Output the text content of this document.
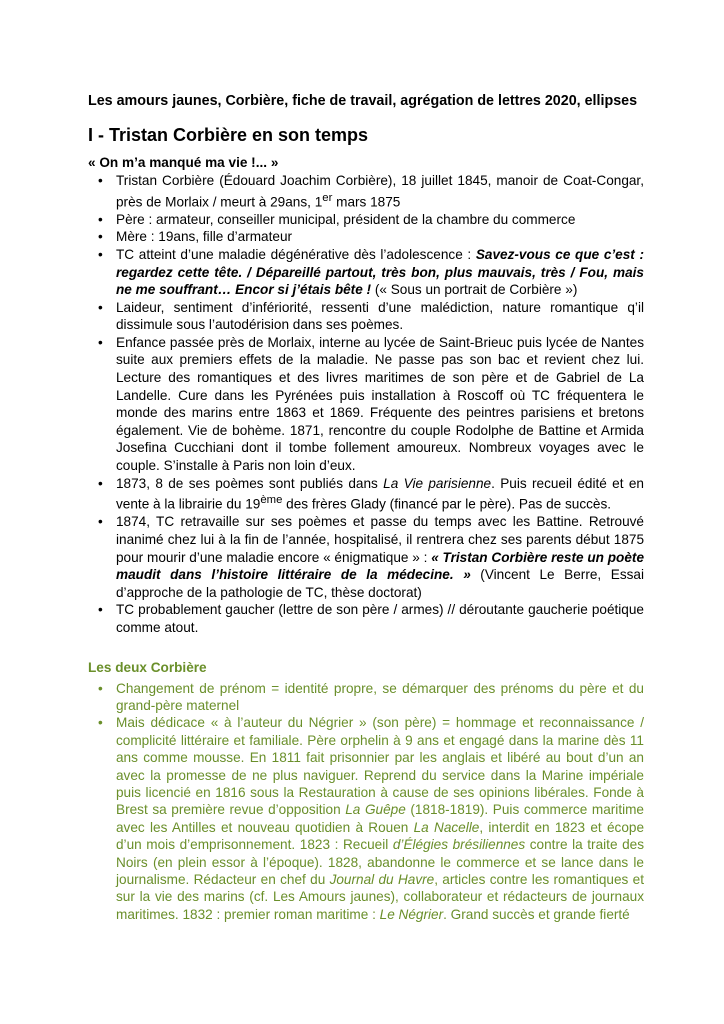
Les amours jaunes, Corbière, fiche de travail, agrégation de lettres 2020, ellipses

I - Tristan Corbière en son temps

« On m’a manqué ma vie !... »

• Tristan Corbière (Édouard Joachim Corbière), 18 juillet 1845, manoir de Coat-Congar, près de Morlaix / meurt à 29ans, 1er mars 1875
• Père : armateur, conseiller municipal, président de la chambre du commerce
• Mère : 19ans, fille d’armateur
• TC atteint d’une maladie dégénérative dès l’adolescence : Savez-vous ce que c’est : regardez cette tête. / Dépareillé partout, très bon, plus mauvais, très / Fou, mais ne me souffrant… Encor si j’étais bête ! (« Sous un portrait de Corbière »)
• Laideur, sentiment d’infériorité, ressenti d’une malédiction, nature romantique q’il dissimule sous l’autodérision dans ses poèmes.
• Enfance passée près de Morlaix, interne au lycée de Saint-Brieuc puis lycée de Nantes suite aux premiers effets de la maladie. Ne passe pas son bac et revient chez lui. Lecture des romantiques et des livres maritimes de son père et de Gabriel de La Landelle. Cure dans les Pyrénées puis installation à Roscoff où TC fréquentera le monde des marins entre 1863 et 1869. Fréquente des peintres parisiens et bretons également. Vie de bohème. 1871, rencontre du couple Rodolphe de Battine et Armida Josefina Cucchiani dont il tombe follement amoureux. Nombreux voyages avec le couple. S’installe à Paris non loin d’eux.
• 1873, 8 de ses poèmes sont publiés dans La Vie parisienne. Puis recueil édité et en vente à la librairie du 19ème des frères Glady (financé par le père). Pas de succès.
• 1874, TC retravaille sur ses poèmes et passe du temps avec les Battine. Retrouvé inanimé chez lui à la fin de l’année, hospitalisé, il rentrera chez ses parents début 1875 pour mourir d’une maladie encore « énigmatique » : « Tristan Corbière reste un poète maudit dans l’histoire littéraire de la médecine. » (Vincent Le Berre, Essai d’approche de la pathologie de TC, thèse doctorat)
• TC probablement gaucher (lettre de son père / armes) // déroutante gaucherie poétique comme atout.

Les deux Corbière

• Changement de prénom = identité propre, se démarquer des prénoms du père et du grand-père maternel
• Mais dédicace « à l’auteur du Négrier » (son père) = hommage et reconnaissance / complicité littéraire et familiale. Père orphelin à 9 ans et engagé dans la marine dès 11 ans comme mousse. En 1811 fait prisonnier par les anglais et libéré au bout d’un an avec la promesse de ne plus naviguer. Reprend du service dans la Marine impériale puis licencié en 1816 sous la Restauration à cause de ses opinions libérales. Fonde à Brest sa première revue d’opposition La Guêpe (1818-1819). Puis commerce maritime avec les Antilles et nouveau quotidien à Rouen La Nacelle, interdit en 1823 et écope d’un mois d’emprisonnement. 1823 : Recueil d’Élégies brésiliennes contre la traite des Noirs (en plein essor à l’époque). 1828, abandonne le commerce et se lance dans le journalisme. Rédacteur en chef du Journal du Havre, articles contre les romantiques et sur la vie des marins (cf. Les Amours jaunes), collaborateur et rédacteurs de journaux maritimes. 1832 : premier roman maritime : Le Négrier. Grand succès et grande fierté
